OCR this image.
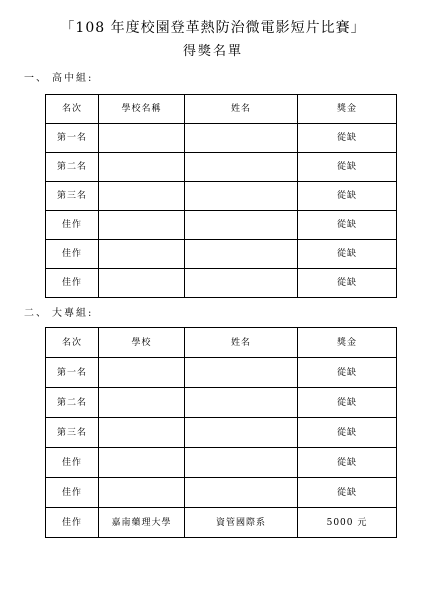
「108 年度校園登革熱防治微電影短片比賽」
得獎名單
一、 高中組:
名次	學校名稱	姓名	獎金
第一名			從缺
第二名			從缺
第三名			從缺
佳作			從缺
佳作			從缺
佳作			從缺
二、 大專組:
名次	學校	姓名	獎金
第一名			從缺
第二名			從缺
第三名			從缺
佳作			從缺
佳作			從缺
佳作	嘉南藥理大學	資管國際系	5000 元
